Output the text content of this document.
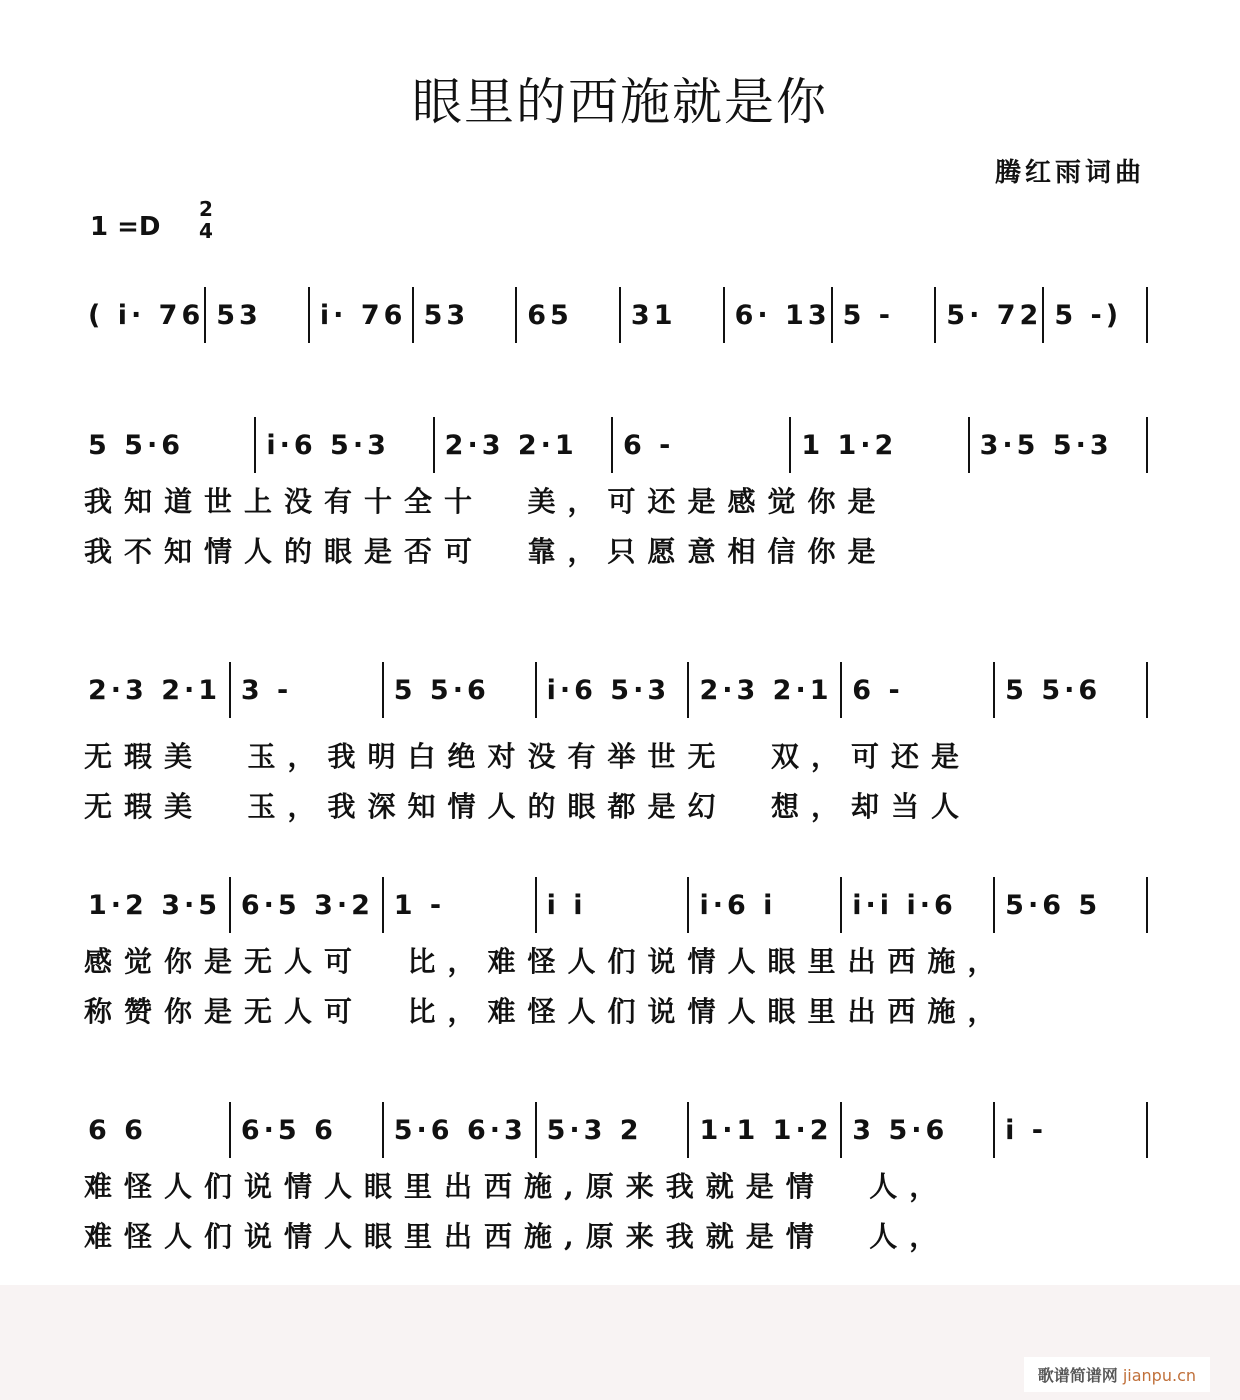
眼里的西施就是你
腾红雨词曲
1 =D
2
4
( i· 76 53	i· 76 53	65	31	6· 13 5 -	5· 72 5 -)
5 5·6	i·6 5·3	2·3 2·1	6 -	1 1·2	3·5 5·3
我知道世上没有十全十  美，可还是感觉你是
我不知情人的眼是否可  靠，只愿意相信你是
2·3 2·1 3 -	5 5·6	i·6 5·3	2·3 2·1 6 -	5 5·6
无瑕美  玉，我明白绝对没有举世无  双，可还是
无瑕美  玉，我深知情人的眼都是幻  想，却当人
1·2 3·5 6·5 3·2 1 -	i i	i·6 i	i·i i·6	5·6 5
感觉你是无人可  比，难怪人们说情人眼里出西施，
称赞你是无人可  比，难怪人们说情人眼里出西施，
6 6	6·5 6	5·6 6·3 5·3 2	1·1 1·2 3 5·6	i -
难怪人们说情人眼里出西施,原来我就是情  人，
难怪人们说情人眼里出西施,原来我就是情  人，
歌谱简谱网 jianpu.cn
